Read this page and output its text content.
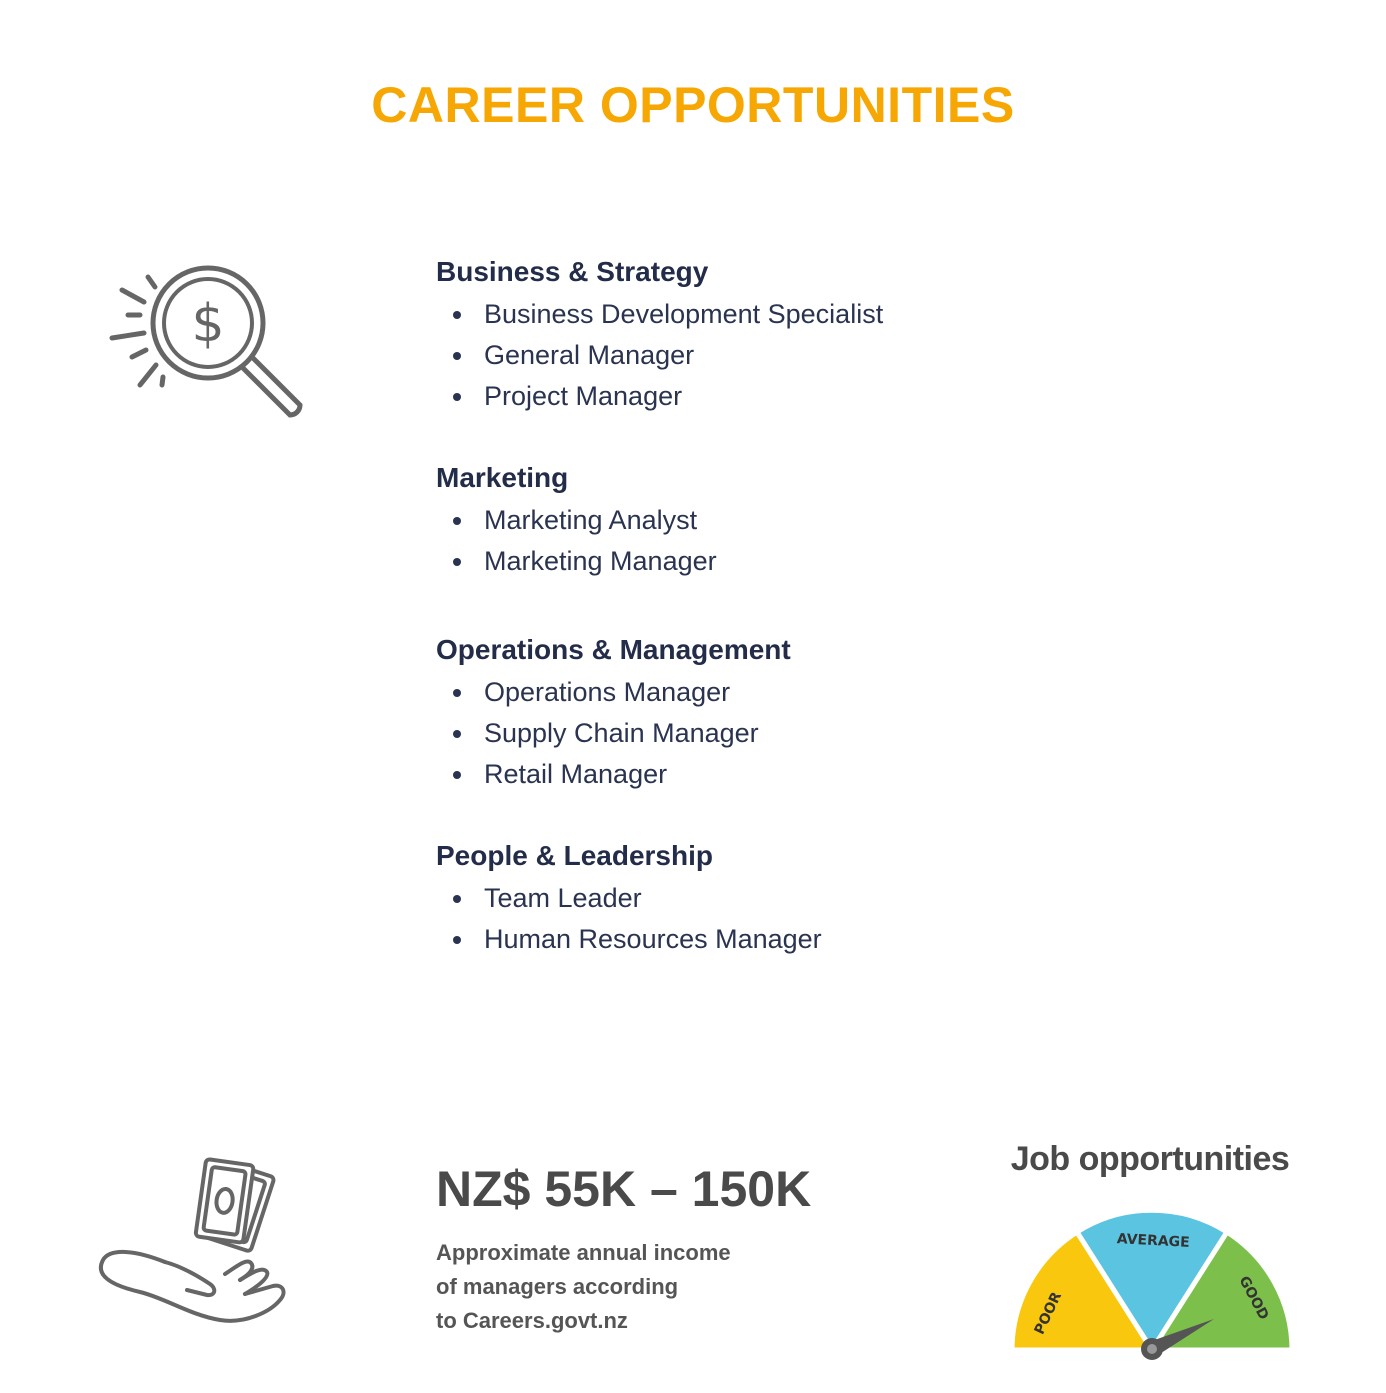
CAREER OPPORTUNITIES
$
Business & Strategy
Business Development Specialist
General Manager
Project Manager
Marketing
Marketing Analyst
Marketing Manager
Operations & Management
Operations Manager
Supply Chain Manager
Retail Manager
People & Leadership
Team Leader
Human Resources Manager
NZ$ 55K – 150K

Approximate annual income
of managers according
to Careers.govt.nz

Job opportunities
POOR
AVERAGE
GOOD
